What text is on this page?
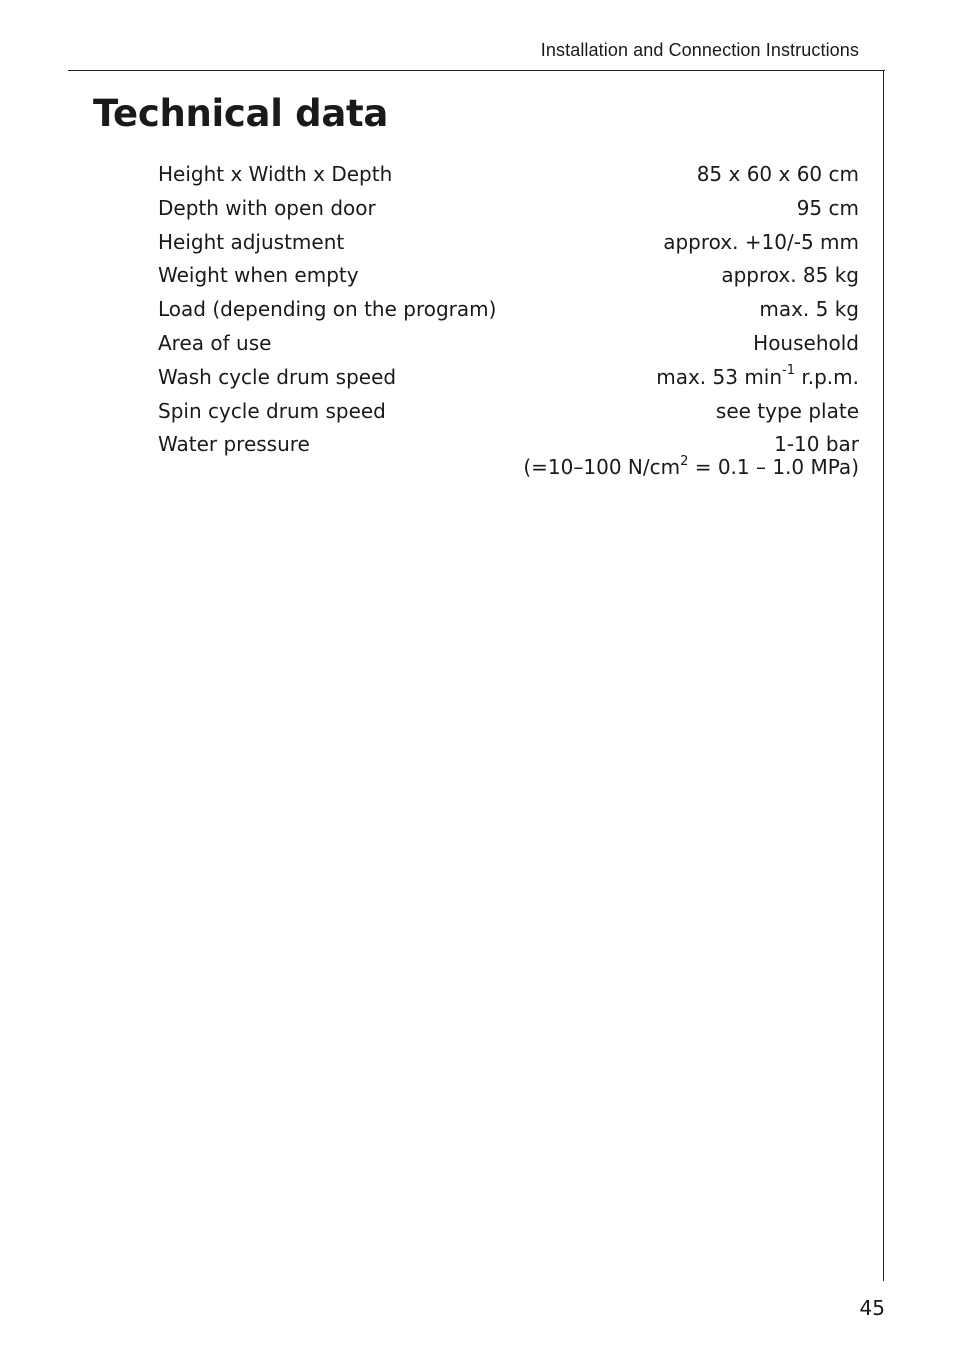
Installation and Connection Instructions
Technical data
Height x Width x Depth	85 x 60 x 60 cm
Depth with open door	95 cm
Height adjustment	approx. +10/-5 mm
Weight when empty	approx. 85 kg
Load (depending on the program)	max. 5 kg
Area of use	Household
Wash cycle drum speed	max. 53 $\min^{-1} r.p.m$.
Spin cycle drum speed	see type plate
Water pressure	1-10 bar
(=10–100 $N/cm^2 = 0.1 - 1.0$ MPa)
45
